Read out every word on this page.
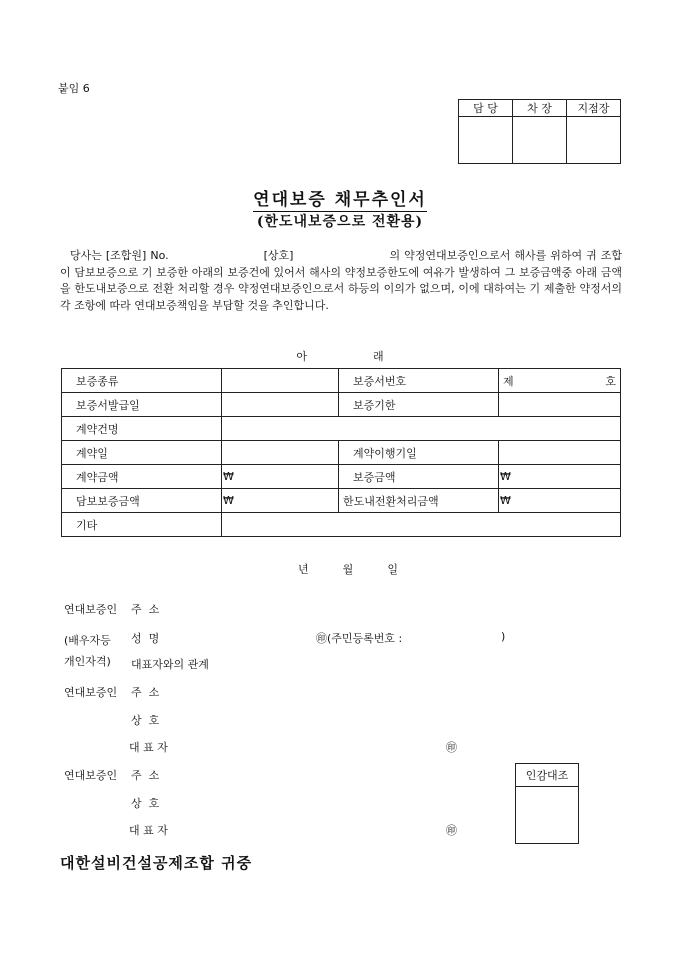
붙임 6
담 당	차 장	지점장

연대보증 채무추인서
(한도내보증으로 전환용)
당사는 [조합원] No.	[상호]	의 약정연대보증인으로서 해사를 위하여 귀 조합이 담보보증으로 기 보증한 아래의 보증건에 있어서 해사의 약정보증한도에 여유가 발생하여 그 보증금액중 아래 금액을 한도내보증으로 전환 처리할 경우 약정연대보증인으로서 하등의 이의가 없으며, 이에 대하여는 기 제출한 약정서의 각 조항에 따라 연대보증책임을 부담할 것을 추인합니다.
아	래
보증종류		보증서번호	제 호

보증서발급일		보증기한	
계약건명			
계약일		계약이행기일	
계약금액	₩	보증금액	₩
담보보증금액	₩	한도내전환처리금액	₩
기타			
년	월	일
연대보증인 주  소
(배우자등
개인자격)
성  명	㊞(주민등록번호 :	)
대표자와의 관계
연대보증인 주  소
상  호
대 표 자	㊞
연대보증인 주  소
상  호
대 표 자	㊞
인감대조

대한설비건설공제조합 귀중
